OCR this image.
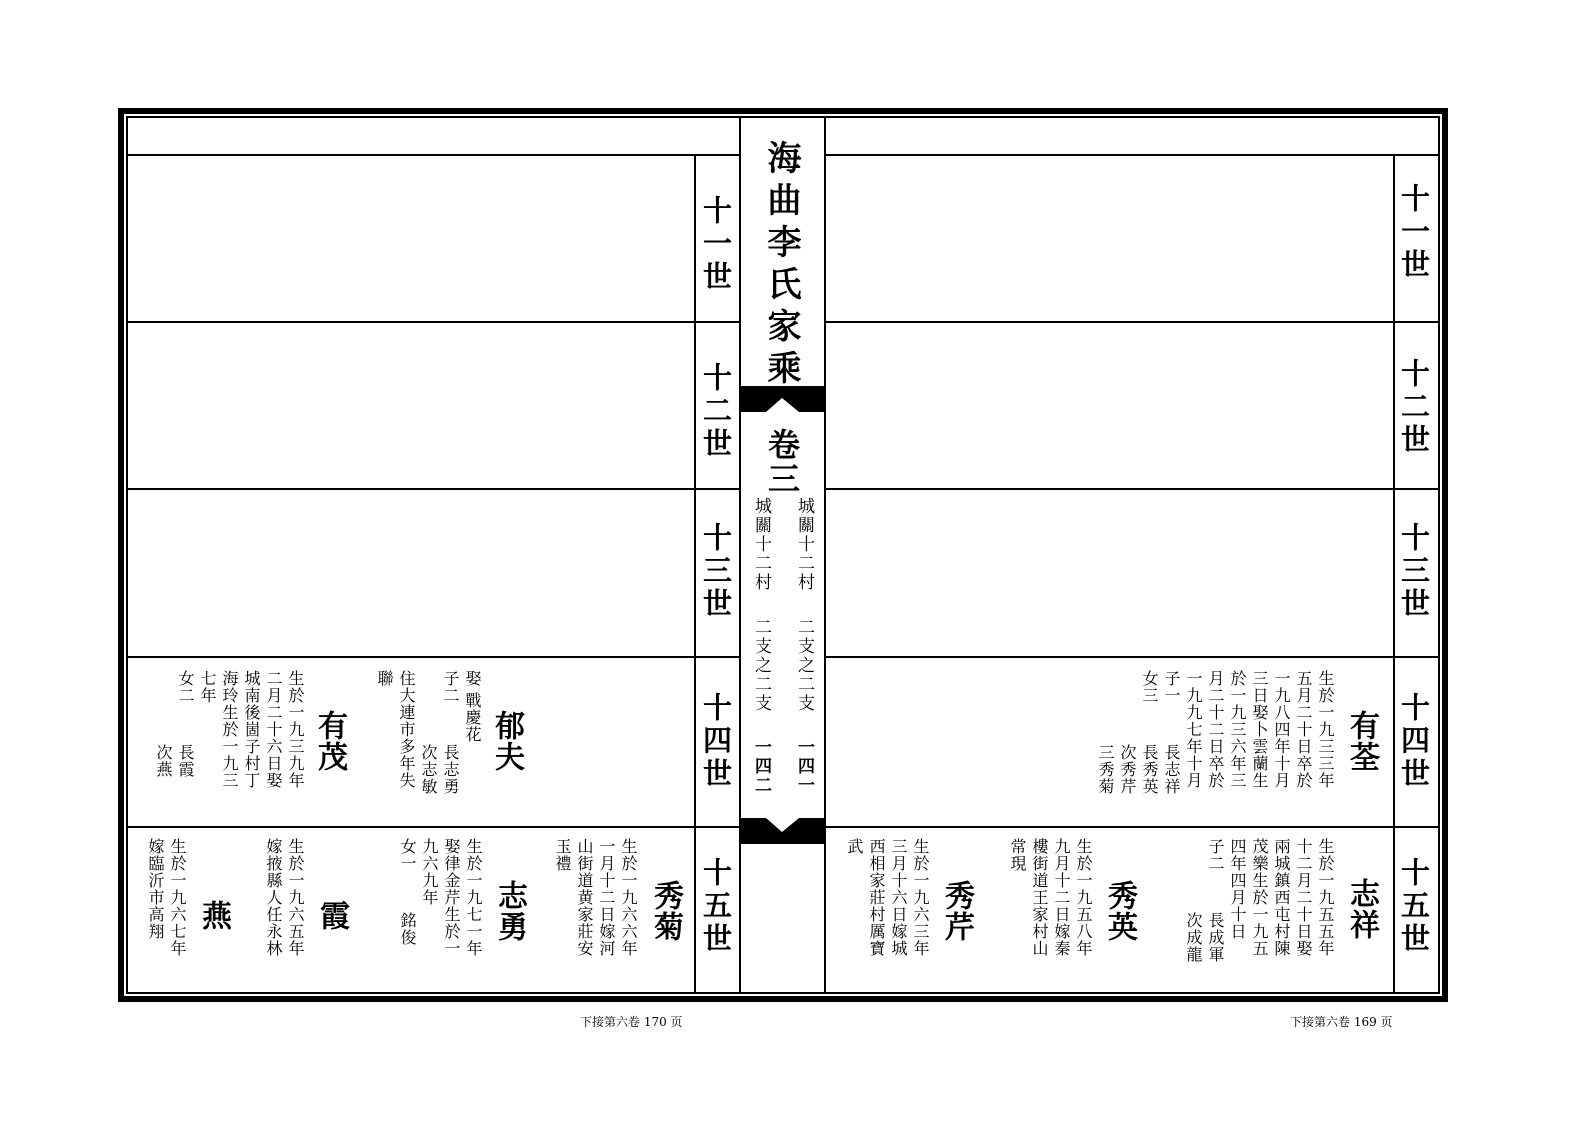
海曲李氏家乘
卷三
城關十二村
二支之二支
一四一
城關十二村
二支之二支
一四二
十一世
十二世
十三世
十四世
十五世
十一世
十二世
十三世
十四世
十五世
郁夫
娶
戰慶花
子二
長志勇
次志敏
住大連市多年失
聯
有茂
生於一九三九年
二月二十六日娶
城南後崮子村丁
海玲生於一九三
七年
女二
長霞
次燕
秀菊
生於一九六六年
一月十二日嫁河
山街道黄家莊安
玉禮
志勇
生於一九七一年
娶律金芹生於一
九六九年
女一
銘俊
霞
生於一九六五年
嫁掖縣人任永林
燕
生於一九六七年
嫁臨沂市高翔
有荃
生於一九三三年
五月二十日卒於
一九八四年十月
三日娶卜雲蘭生
於一九三六年三
月二十二日卒於
一九九七年十月
子一
長志祥
女三
長秀英
次秀芹
三秀菊
志祥
生於一九五五年
十二月二十日娶
兩城鎮西屯村陳
茂樂生於一九五
四年四月十日
子二
長成軍
次成龍
秀英
生於一九五八年
九月十二日嫁秦
樓街道王家村山
常現
秀芹
生於一九六三年
三月十六日嫁城
西相家莊村厲寶
武
下接第六卷 170 页	下接第六卷 169 页
